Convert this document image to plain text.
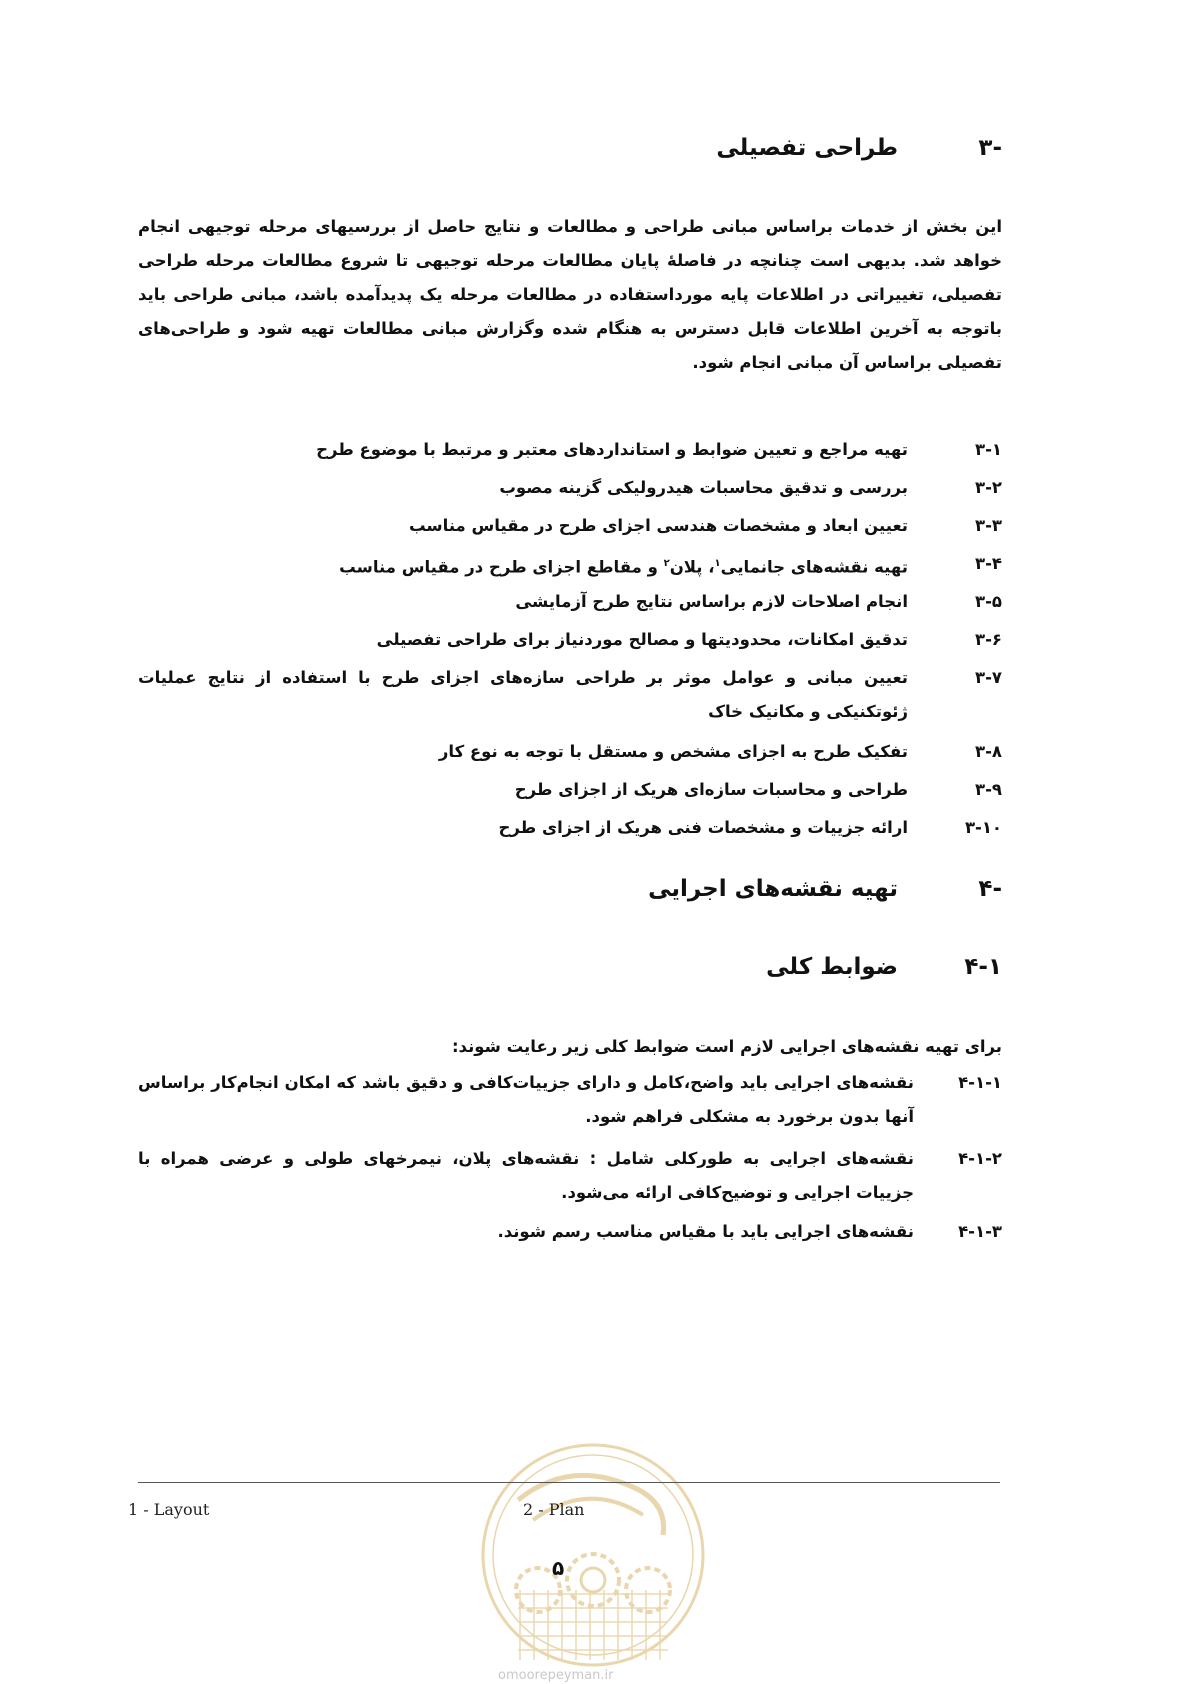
-۳
طراحی تفصیلی
این بخش از خدمات براساس مبانی طراحی و مطالعات و نتایج حاصل از بررسیهای مرحله توجیهی انجام خواهد شد. بدیهی است چنانچه در فاصلهٔ پایان مطالعات مرحله توجیهی تا شروع مطالعات مرحله طراحی تفصیلی، تغییراتی در اطلاعات پایه مورداستفاده در مطالعات مرحله یک پدیدآمده باشد، مبانی طراحی باید باتوجه به آخرین اطلاعات قابل دسترس به هنگام شده وگزارش مبانی مطالعات تهیه شود و طراحی‌های تفصیلی براساس آن مبانی انجام شود.
۳-۱
تهیه مراجع و تعیین ضوابط و استانداردهای معتبر و مرتبط با موضوع طرح
۳-۲
بررسی و تدقیق محاسبات هیدرولیکی گزینه مصوب
۳-۳
تعیین ابعاد و مشخصات هندسی اجزای طرح در مقیاس مناسب
۳-۴
تهیه نقشه‌های جانمایی$^۱$، پلان$^۲$ و مقاطع اجزای طرح در مقیاس مناسب
۳-۵
انجام اصلاحات لازم براساس نتایج طرح آزمایشی
۳-۶
تدقیق امکانات، محدودیتها و مصالح موردنیاز برای طراحی تفصیلی
۳-۷
تعیین مبانی و عوامل موثر بر طراحی سازه‌های اجزای طرح با استفاده از نتایج عملیات ژئوتکنیکی و مکانیک خاک
۳-۸
تفکیک طرح به اجزای مشخص و مستقل با توجه به نوع کار
۳-۹
طراحی و محاسبات سازه‌ای هریک از اجزای طرح
۳-۱۰
ارائه جزییات و مشخصات فنی هریک از اجزای طرح
-۴
تهیه نقشه‌های اجرایی
۴-۱
ضوابط کلی
برای تهیه نقشه‌های اجرایی لازم است ضوابط کلی زیر رعایت شوند:
۴-۱-۱
نقشه‌های اجرایی باید واضح،کامل و دارای جزییات‌کافی و دقیق باشد که امکان انجام‌کار براساس آنها بدون برخورد به مشکلی فراهم شود.
۴-۱-۲
نقشه‌های اجرایی به طورکلی شامل : نقشه‌های پلان، نیمرخهای طولی و عرضی همراه با جزییات اجرایی و توضیح‌کافی ارائه می‌شود.
۴-۱-۳
نقشه‌های اجرایی باید با مقیاس مناسب رسم شوند.
1 - Layout	2 - Plan
۵
omoorepeyman.ir
